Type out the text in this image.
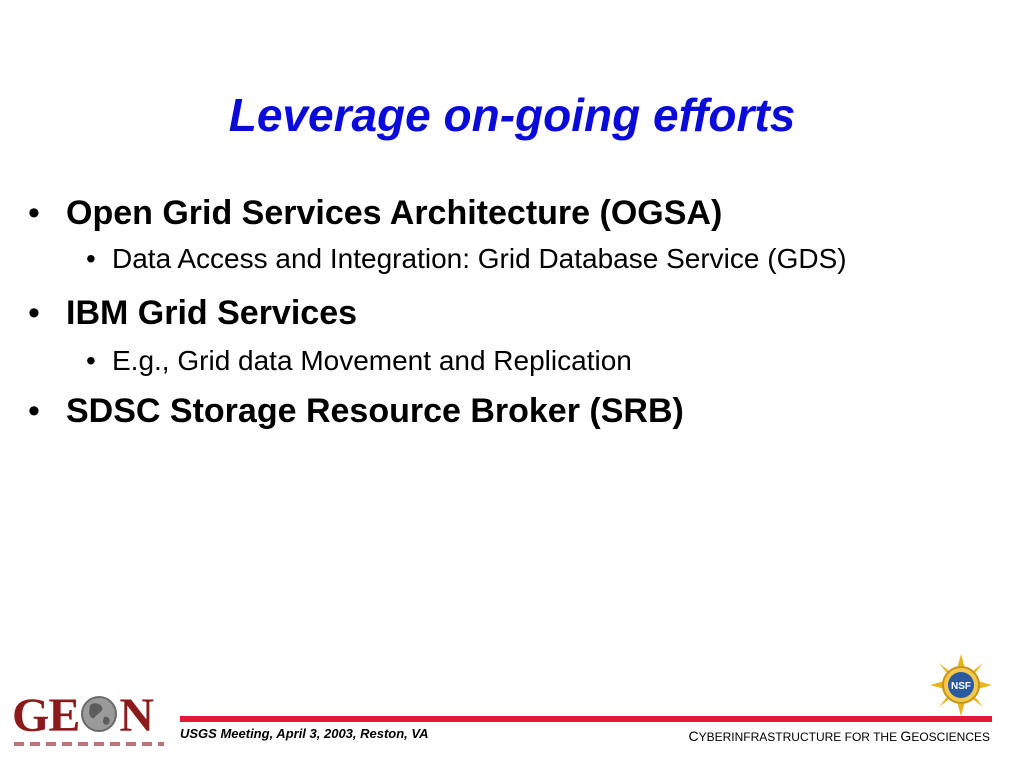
Leverage on-going efforts
• Open Grid Services Architecture (OGSA)
• Data Access and Integration: Grid Database Service (GDS)
• IBM Grid Services
• E.g., Grid data Movement and Replication
• SDSC Storage Resource Broker (SRB)
GE N
NSF
USGS Meeting, April 3, 2003, Reston, VA	CYBERINFRASTRUCTURE FOR THE GEOSCIENCES
